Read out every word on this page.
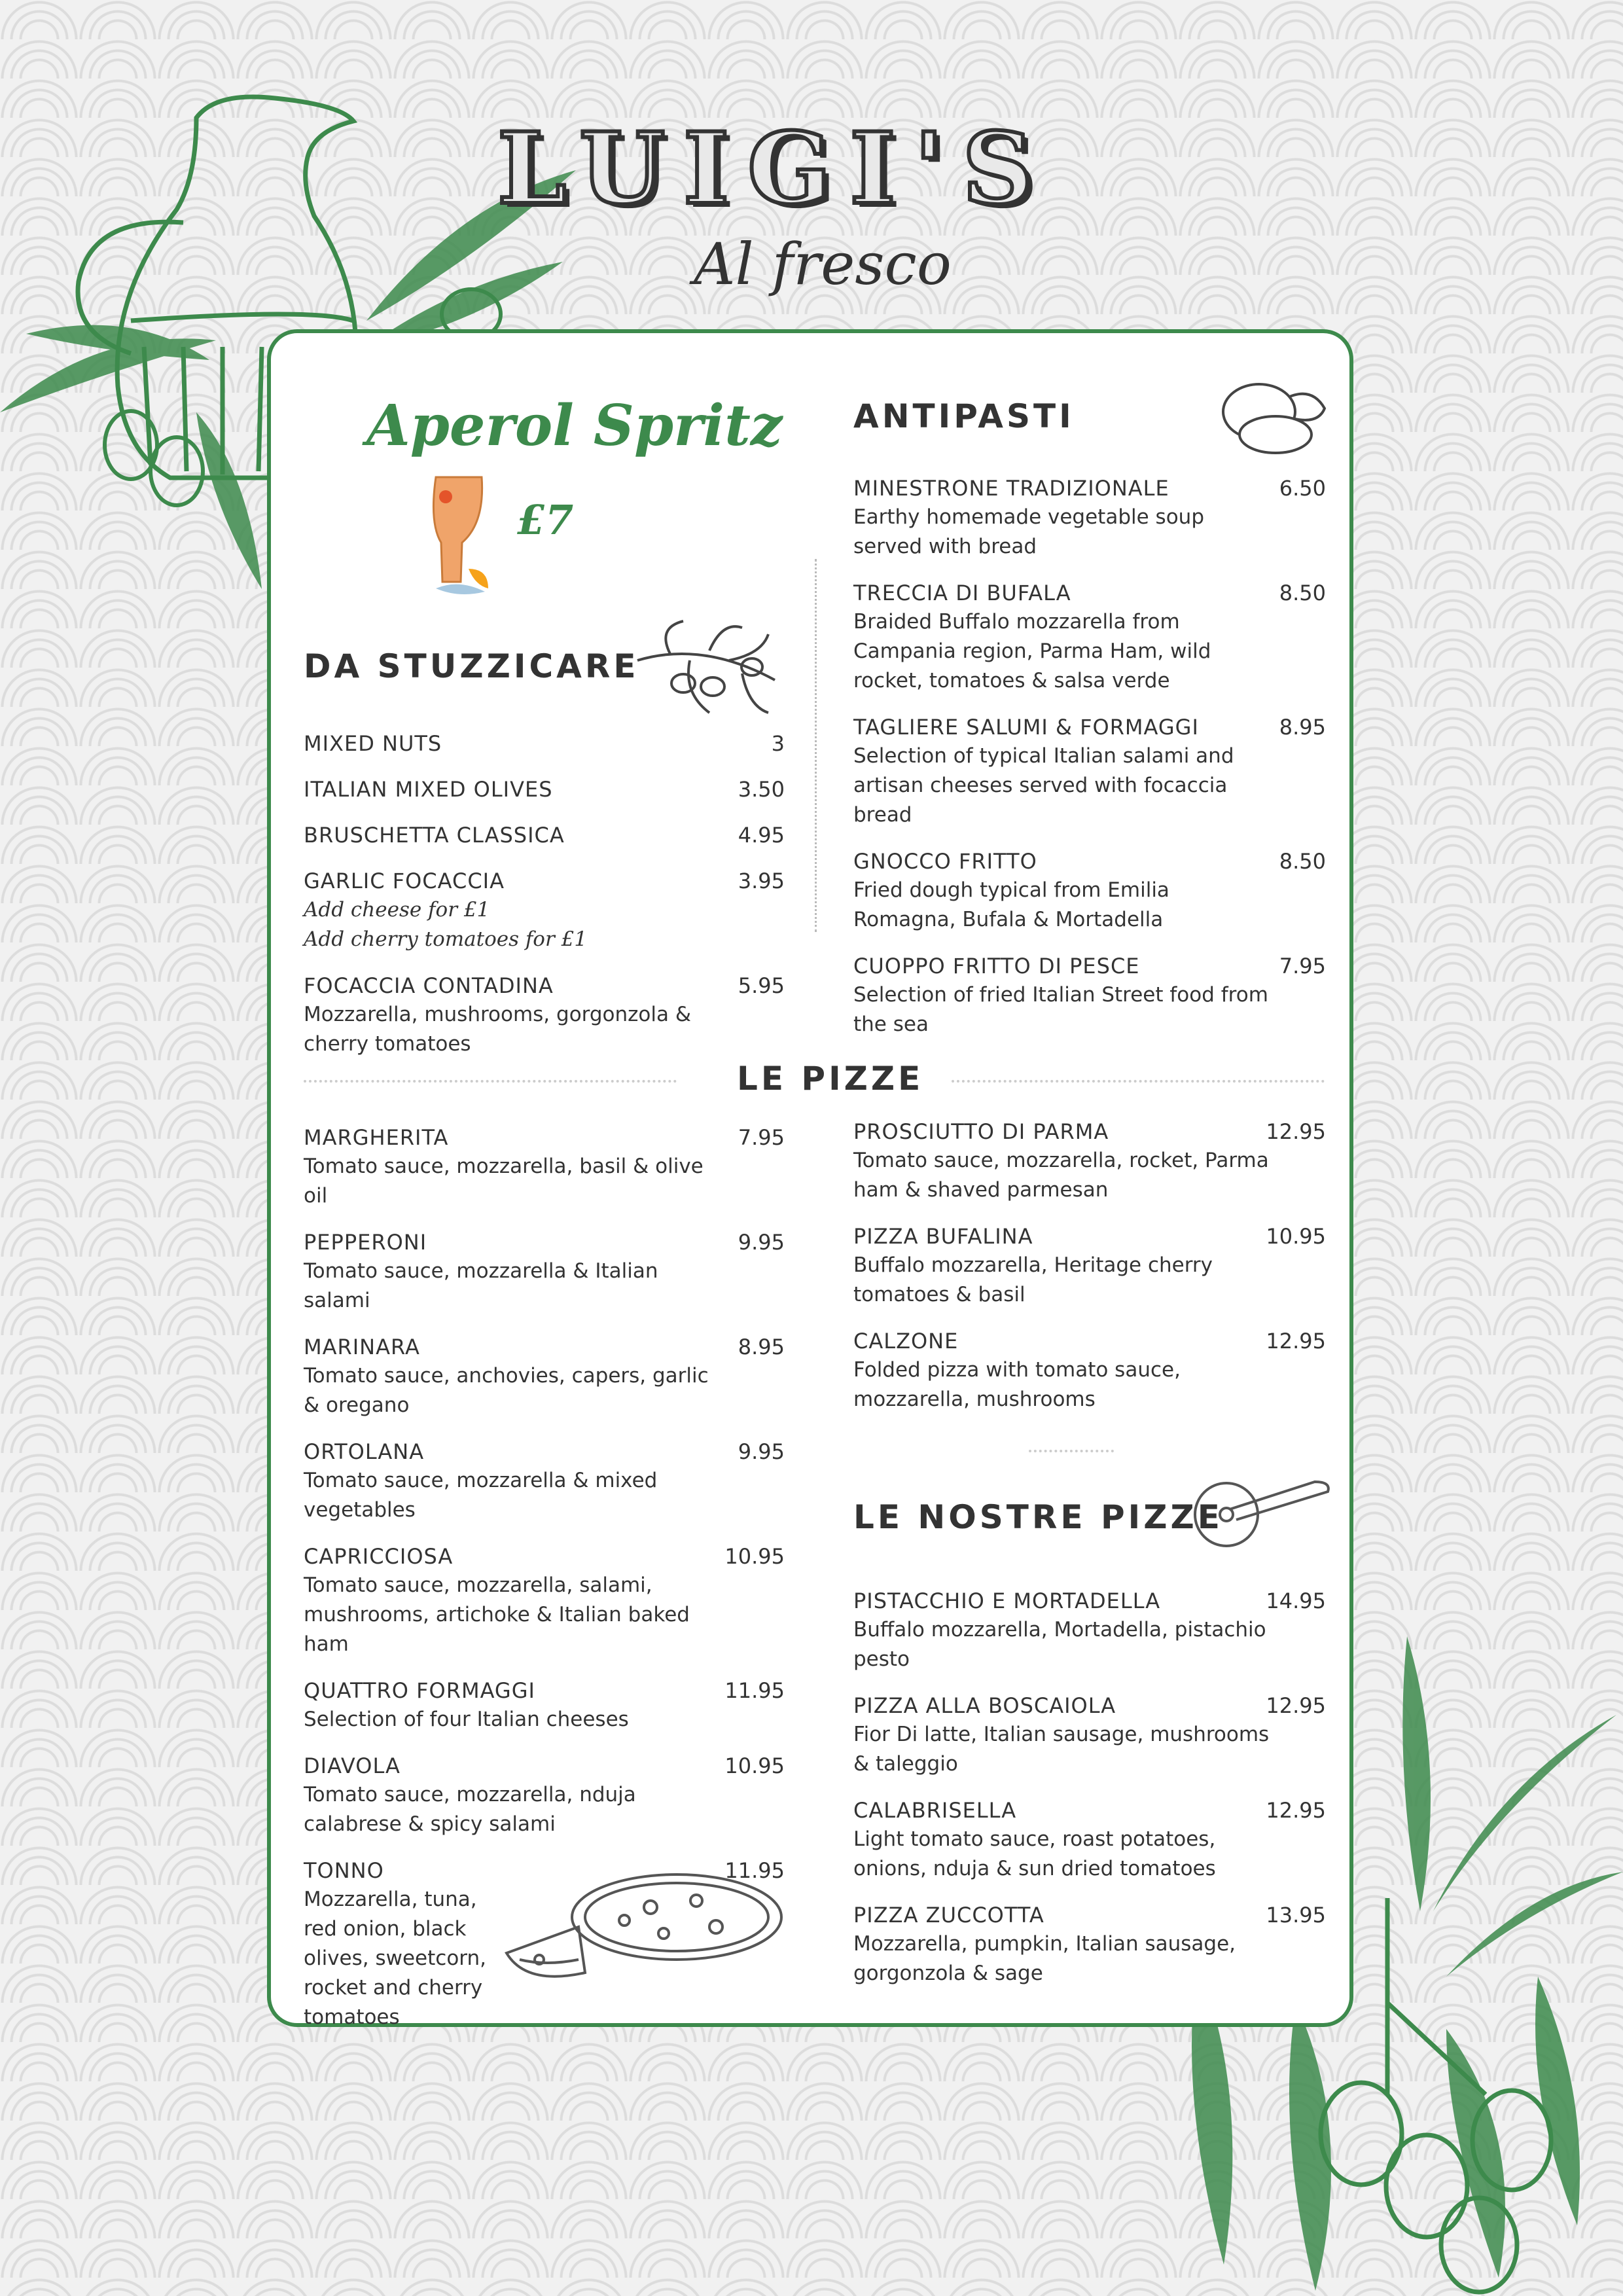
LUIGI'S
Al fresco
DA STUZZICARE
MIXED NUTS	3
ITALIAN MIXED OLIVES	3.50
BRUSCHETTA CLASSICA	4.95
GARLIC FOCACCIA	3.95
Add cheese for £1
Add cherry tomatoes for £1
FOCACCIA CONTADINA	5.95
Mozzarella, mushrooms, gorgonzola & cherry tomatoes
ANTIPASTI
MINESTRONE TRADIZIONALE	6.50
Earthy homemade vegetable soup served with bread
TRECCIA DI BUFALA	8.50
Braided Buffalo mozzarella from Campania region, Parma Ham, wild rocket, tomatoes & salsa verde
TAGLIERE SALUMI & FORMAGGI	8.95
Selection of typical Italian salami and artisan cheeses served with focaccia bread
GNOCCO FRITTO	8.50
Fried dough typical from Emilia Romagna, Bufala & Mortadella
CUOPPO FRITTO DI PESCE	7.95
Selection of fried Italian Street food from the sea
LE PIZZE
MARGHERITA	7.95
Tomato sauce, mozzarella, basil & olive oil
PEPPERONI	9.95
Tomato sauce, mozzarella & Italian salami
MARINARA	8.95
Tomato sauce, anchovies, capers, garlic & oregano
ORTOLANA	9.95
Tomato sauce, mozzarella & mixed vegetables
CAPRICCIOSA	10.95
Tomato sauce, mozzarella, salami, mushrooms, artichoke & Italian baked ham
QUATTRO FORMAGGI	11.95
Selection of four Italian cheeses
DIAVOLA	10.95
Tomato sauce, mozzarella, nduja calabrese & spicy salami
TONNO	11.95
Mozzarella, tuna, red onion, black olives, sweetcorn, rocket and cherry tomatoes
PROSCIUTTO DI PARMA	12.95
Tomato sauce, mozzarella, rocket, Parma ham & shaved parmesan
PIZZA BUFALINA	10.95
Buffalo mozzarella, Heritage cherry tomatoes & basil
CALZONE	12.95
Folded pizza with tomato sauce, mozzarella, mushrooms
LE NOSTRE PIZZE
PISTACCHIO E MORTADELLA	14.95
Buffalo mozzarella, Mortadella, pistachio pesto
PIZZA ALLA BOSCAIOLA	12.95
Fior Di latte, Italian sausage, mushrooms & taleggio
CALABRISELLA	12.95
Light tomato sauce, roast potatoes, onions, nduja & sun dried tomatoes
PIZZA ZUCCOTTA	13.95
Mozzarella, pumpkin, Italian sausage, gorgonzola & sage
Aperol Spritz
£7
